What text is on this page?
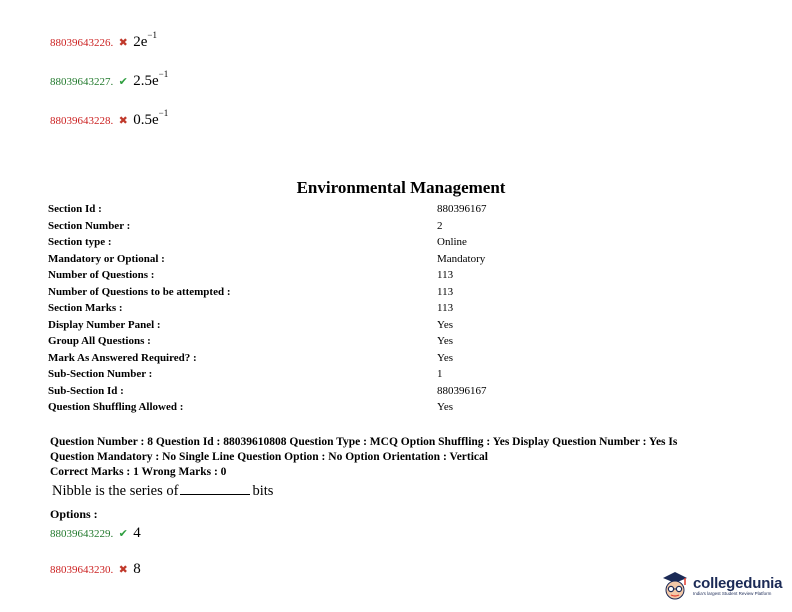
88039643226. ✖ $2e^{-1}$
88039643227. ✔ $2.5e^{-1}$
88039643228. ✖ $0.5e^{-1}$
Environmental Management
Section Id :	880396167
Section Number :	2
Section type :	Online
Mandatory or Optional :	Mandatory
Number of Questions :	113
Number of Questions to be attempted :	113
Section Marks :	113
Display Number Panel :	Yes
Group All Questions :	Yes
Mark As Answered Required? :	Yes
Sub-Section Number :	1
Sub-Section Id :	880396167
Question Shuffling Allowed :	Yes
Question Number : 8 Question Id : 88039610808 Question Type : MCQ Option Shuffling : Yes Display Question Number : Yes Is
Question Mandatory : No Single Line Question Option : No Option Orientation : Vertical
Correct Marks : 1 Wrong Marks : 0
Nibble is the series of	bits
Options :
88039643229. ✔ 4
88039643230. ✖ 8
collegedunia
India's largest Student Review Platform
